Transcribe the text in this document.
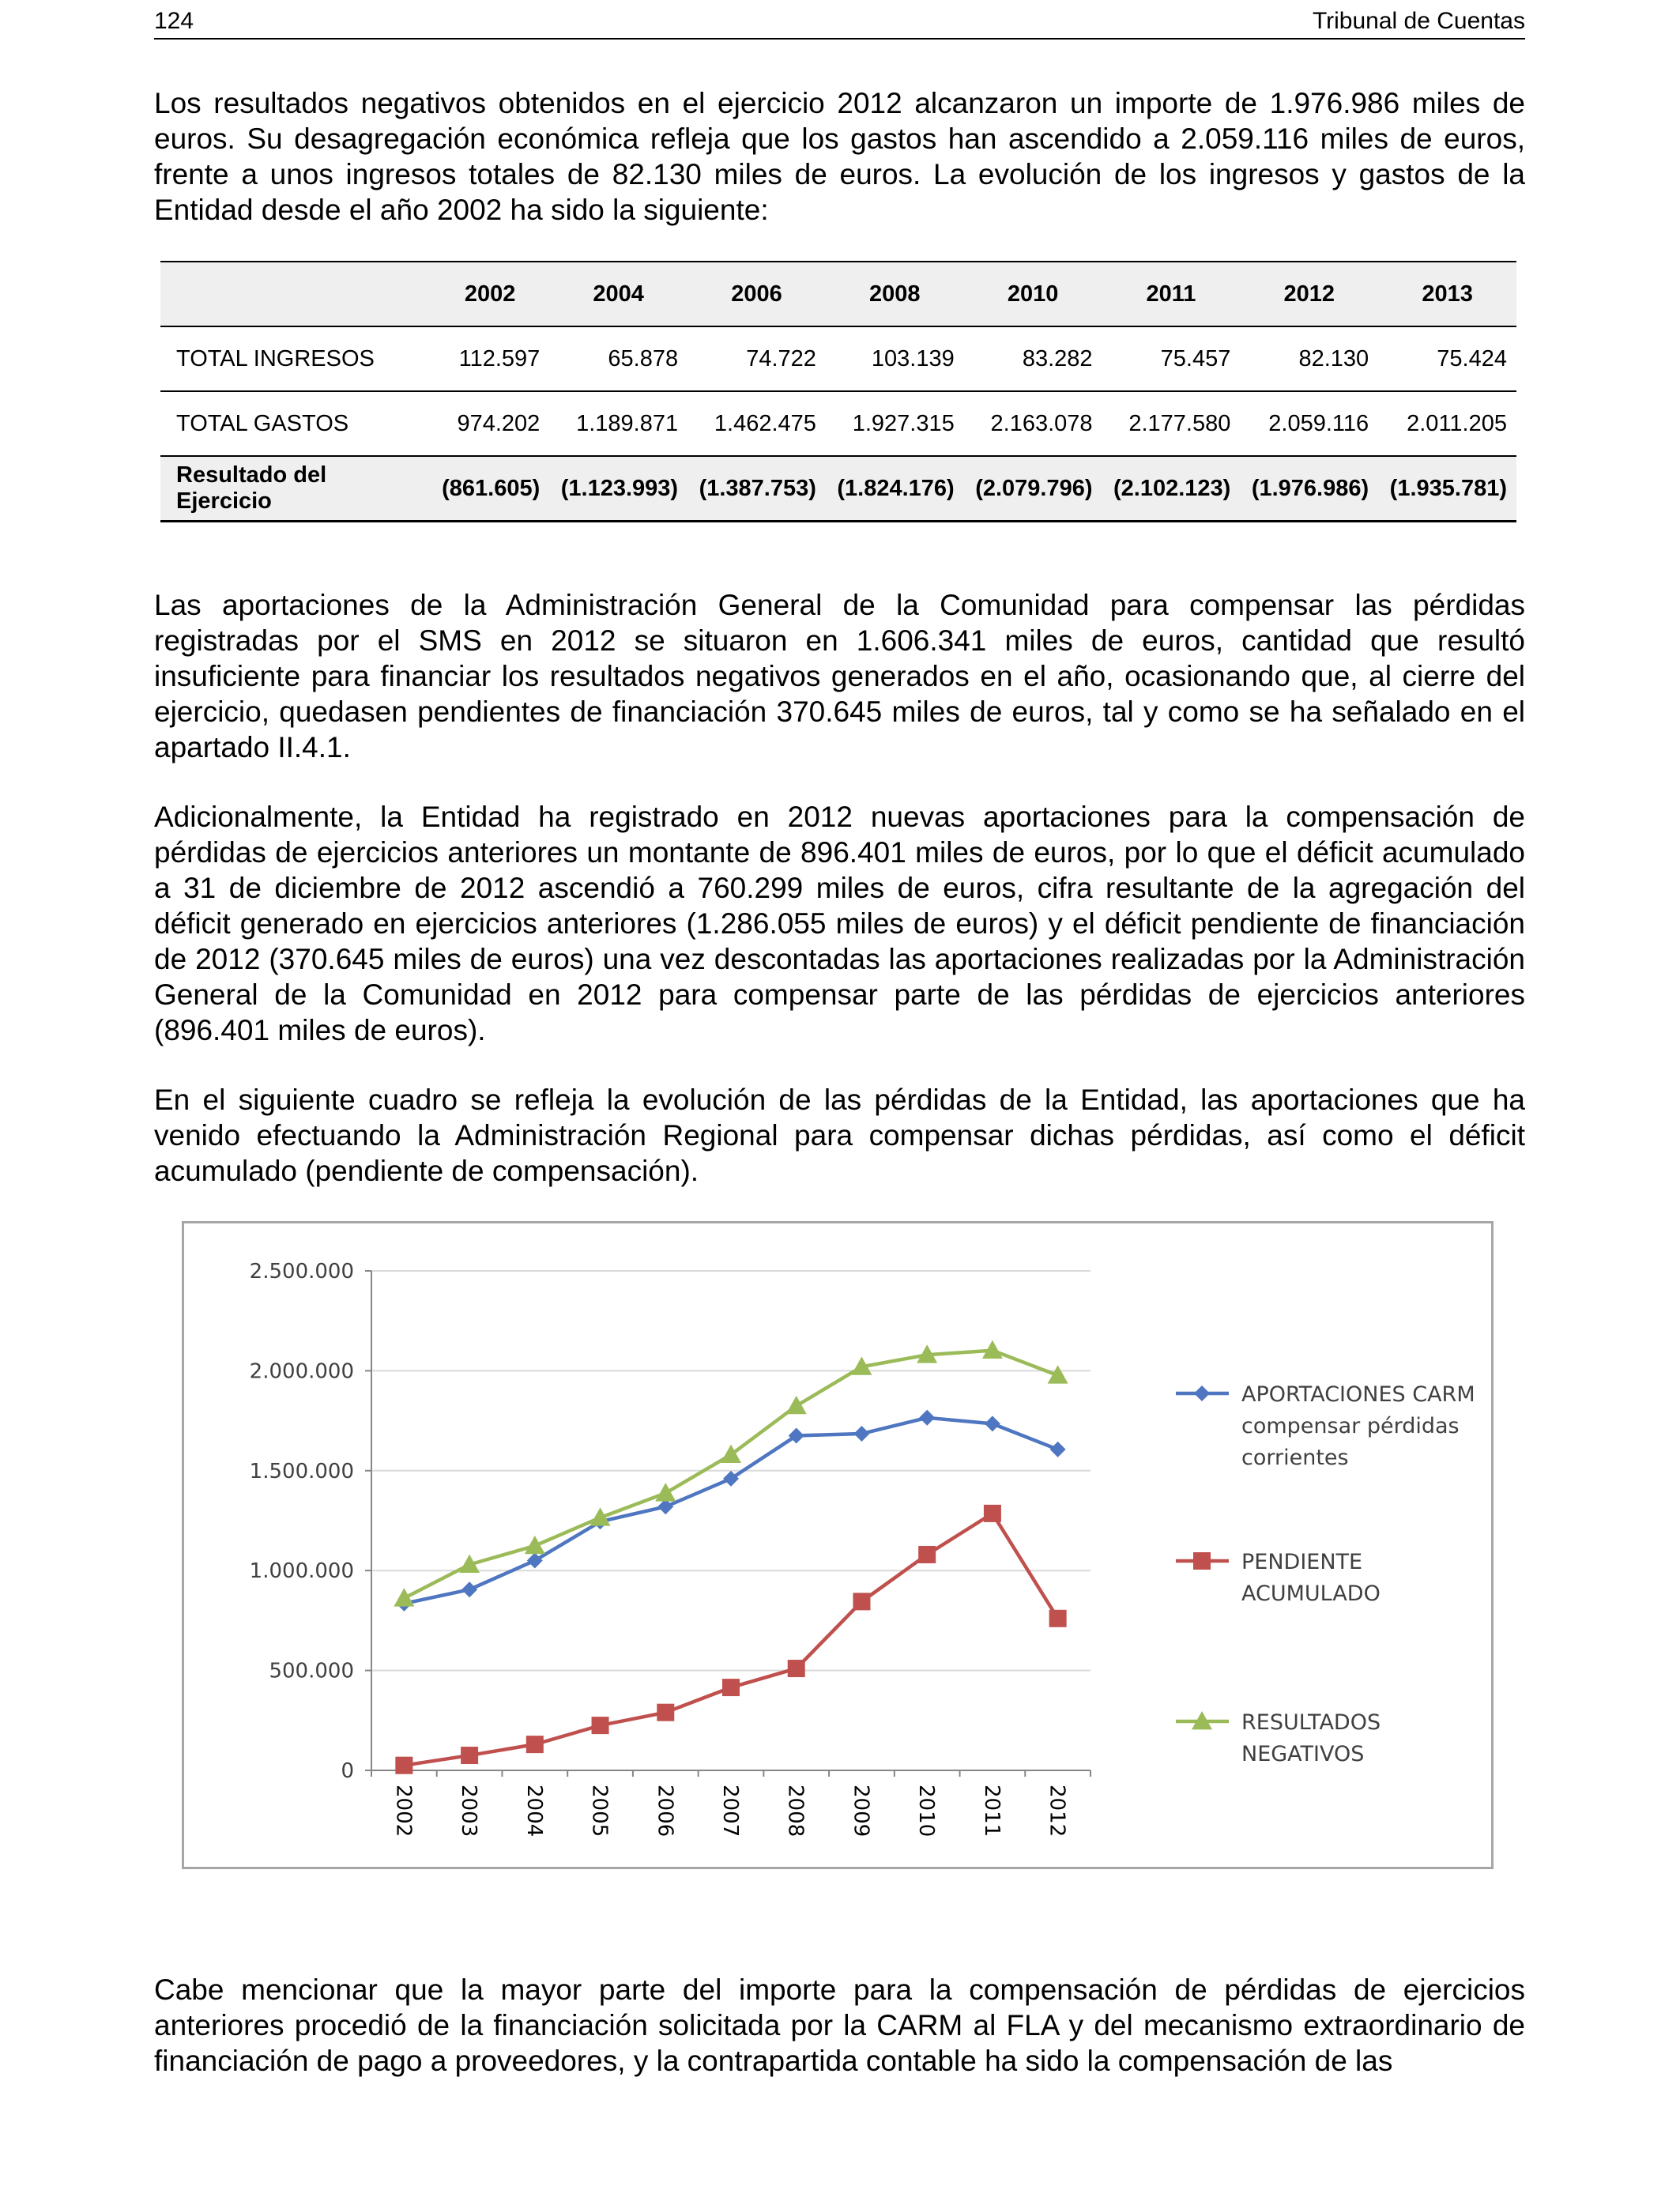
124	Tribunal de Cuentas

Los resultados negativos obtenidos en el ejercicio 2012 alcanzaron un importe de 1.976.986 miles de euros. Su desagregación económica refleja que los gastos han ascendido a 2.059.116 miles de euros, frente a unos ingresos totales de 82.130 miles de euros. La evolución de los ingresos y gastos de la Entidad desde el año 2002 ha sido la siguiente:

	2002	2004	2006	2008	2010	2011	2012	2013
TOTAL INGRESOS	112.597	65.878	74.722	103.139	83.282	75.457	82.130	75.424
TOTAL GASTOS	974.202	1.189.871	1.462.475	1.927.315	2.163.078	2.177.580	2.059.116	2.011.205
Resultado del Ejercicio	(861.605)	(1.123.993)	(1.387.753)	(1.824.176)	(2.079.796)	(2.102.123)	(1.976.986)	(1.935.781)

Las aportaciones de la Administración General de la Comunidad para compensar las pérdidas registradas por el SMS en 2012 se situaron en 1.606.341 miles de euros, cantidad que resultó insuficiente para financiar los resultados negativos generados en el año, ocasionando que, al cierre del ejercicio, quedasen pendientes de financiación 370.645 miles de euros, tal y como se ha señalado en el apartado II.4.1.

Adicionalmente, la Entidad ha registrado en 2012 nuevas aportaciones para la compensación de pérdidas de ejercicios anteriores un montante de 896.401 miles de euros, por lo que el déficit acumulado a 31 de diciembre de 2012 ascendió a 760.299 miles de euros, cifra resultante de la agregación del déficit generado en ejercicios anteriores (1.286.055 miles de euros) y el déficit pendiente de financiación de 2012 (370.645 miles de euros) una vez descontadas las aportaciones realizadas por la Administración General de la Comunidad en 2012 para compensar parte de las pérdidas de ejercicios anteriores (896.401 miles de euros).

En el siguiente cuadro se refleja la evolución de las pérdidas de la Entidad, las aportaciones que ha venido efectuando la Administración Regional para compensar dichas pérdidas, así como el déficit acumulado (pendiente de compensación).

0
500.000
1.000.000
1.500.000
2.000.000
2.500.000
2002 2003 2004 2005 2006 2007 2008 2009 2010 2011 2012
APORTACIONES CARM
compensar pérdidas
corrientes
PENDIENTE
ACUMULADO
RESULTADOS
NEGATIVOS

Cabe mencionar que la mayor parte del importe para la compensación de pérdidas de ejercicios anteriores procedió de la financiación solicitada por la CARM al FLA y del mecanismo extraordinario de financiación de pago a proveedores, y la contrapartida contable ha sido la compensación de las
